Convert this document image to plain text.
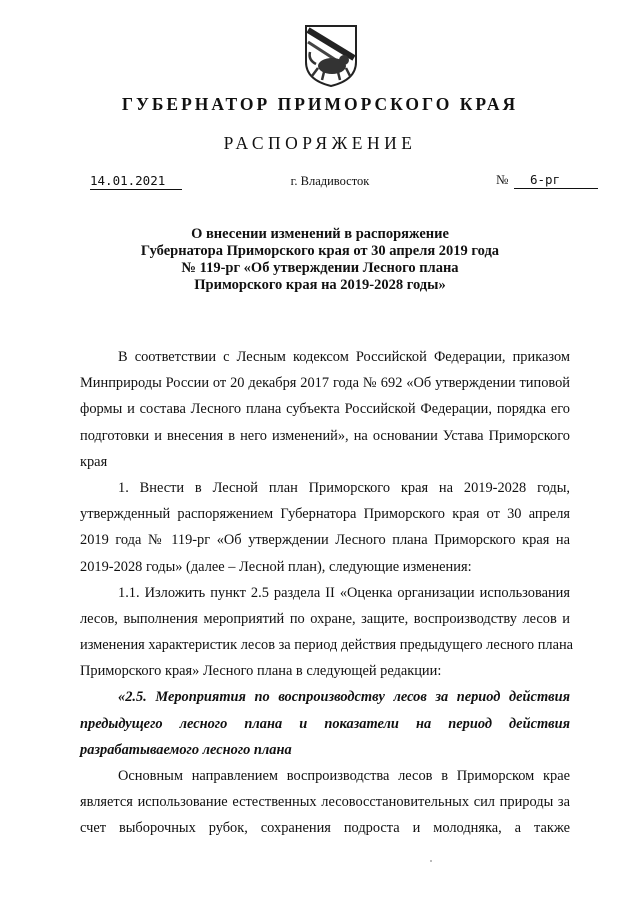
ГУБЕРНАТОР ПРИМОРСКОГО КРАЯ
РАСПОРЯЖЕНИЕ
14.01.2021	г. Владивосток	№	6-рг
О внесении изменений в распоряжение
Губернатора Приморского края от 30 апреля 2019 года
№ 119-рг «Об утверждении Лесного плана
Приморского края на 2019-2028 годы»
В соответствии с Лесным кодексом Российской Федерации, приказом
Минприроды России от 20 декабря 2017 года № 692 «Об утверждении типовой
формы и состава Лесного плана субъекта Российской Федерации, порядка его
подготовки и внесения в него изменений», на основании Устава Приморского
края
1. Внести в Лесной план Приморского края на 2019-2028 годы,
утвержденный распоряжением Губернатора Приморского края от 30 апреля
2019 года № 119-рг «Об утверждении Лесного плана Приморского края на
2019-2028 годы» (далее – Лесной план), следующие изменения:
1.1. Изложить пункт 2.5 раздела II «Оценка организации использования
лесов, выполнения мероприятий по охране, защите, воспроизводству лесов и
изменения характеристик лесов за период действия предыдущего лесного плана
Приморского края» Лесного плана в следующей редакции:
«2.5. Мероприятия по воспроизводству лесов за период действия
предыдущего лесного плана и показатели на период действия
разрабатываемого лесного плана
Основным направлением воспроизводства лесов в Приморском крае
является использование естественных лесовосстановительных сил природы за
счет выборочных рубок, сохранения подроста и молодняка, а также
